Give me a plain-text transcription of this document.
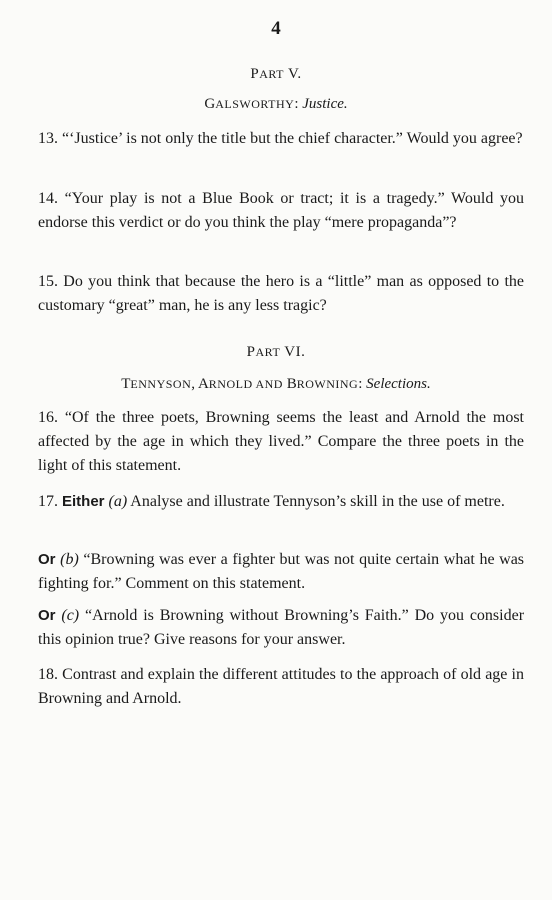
4
PART V.
GALSWORTHY: Justice.
13. “‘Justice’ is not only the title but the chief character.” Would you agree?
14. “Your play is not a Blue Book or tract; it is a tragedy.” Would you endorse this verdict or do you think the play “mere propaganda”?
15. Do you think that because the hero is a “little” man as opposed to the customary “great” man, he is any less tragic?
PART VI.
TENNYSON, ARNOLD AND BROWNING: Selections.
16. “Of the three poets, Browning seems the least and Arnold the most affected by the age in which they lived.” Compare the three poets in the light of this statement.
17. Either (a) Analyse and illustrate Tennyson’s skill in the use of metre.
Or (b) “Browning was ever a fighter but was not quite certain what he was fighting for.” Comment on this statement.
Or (c) “Arnold is Browning without Browning’s Faith.” Do you consider this opinion true? Give reasons for your answer.
18. Contrast and explain the different attitudes to the approach of old age in Browning and Arnold.
